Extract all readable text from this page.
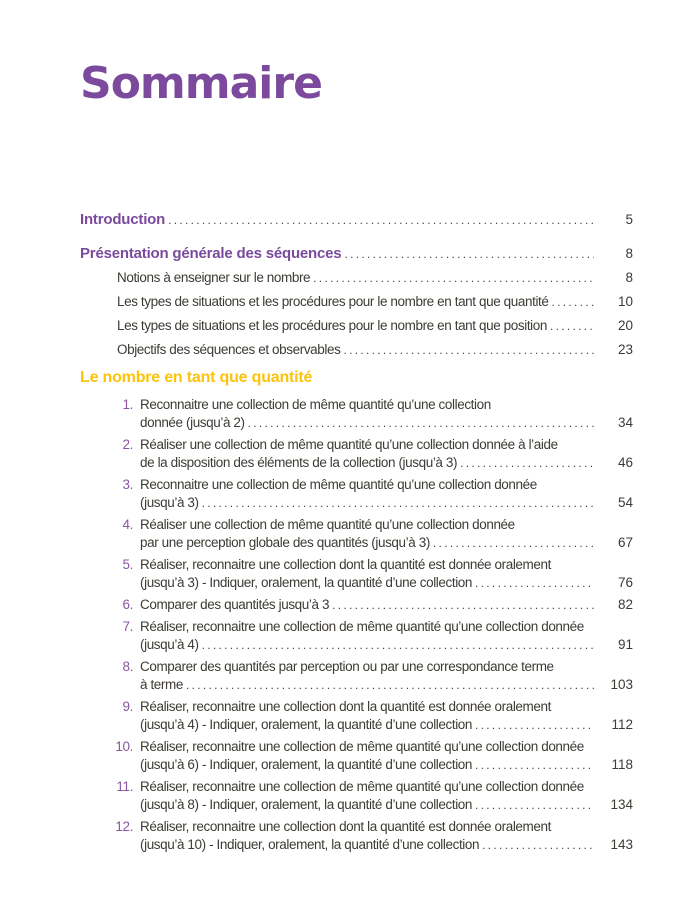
Sommaire
Introduction .....	5
Présentation générale des séquences .....	8
Notions à enseigner sur le nombre .....	8
Les types de situations et les procédures pour le nombre en tant que quantité .....	10
Les types de situations et les procédures pour le nombre en tant que position .....	20
Objectifs des séquences et observables .....	23
Le nombre en tant que quantité
1. Reconnaitre une collection de même quantité qu’une collection
donnée (jusqu’à 2) .....	34
2. Réaliser une collection de même quantité qu’une collection donnée à l’aide
de la disposition des éléments de la collection (jusqu’à 3) .....	46
3. Reconnaitre une collection de même quantité qu’une collection donnée
(jusqu’à 3) .....	54
4. Réaliser une collection de même quantité qu’une collection donnée
par une perception globale des quantités (jusqu’à 3) .....	67
5. Réaliser, reconnaitre une collection dont la quantité est donnée oralement
(jusqu’à 3) - Indiquer, oralement, la quantité d’une collection .....	76
6. Comparer des quantités jusqu’à 3 .....	82
7. Réaliser, reconnaitre une collection de même quantité qu’une collection donnée
(jusqu’à 4) .....	91
8. Comparer des quantités par perception ou par une correspondance terme
à terme .....	103
9. Réaliser, reconnaitre une collection dont la quantité est donnée oralement
(jusqu’à 4) - Indiquer, oralement, la quantité d’une collection .....	112
10. Réaliser, reconnaitre une collection de même quantité qu’une collection donnée
(jusqu’à 6) - Indiquer, oralement, la quantité d’une collection .....	118
11. Réaliser, reconnaitre une collection de même quantité qu’une collection donnée
(jusqu’à 8) - Indiquer, oralement, la quantité d’une collection .....	134
12. Réaliser, reconnaitre une collection dont la quantité est donnée oralement
(jusqu’à 10) - Indiquer, oralement, la quantité d’une collection .....	143
